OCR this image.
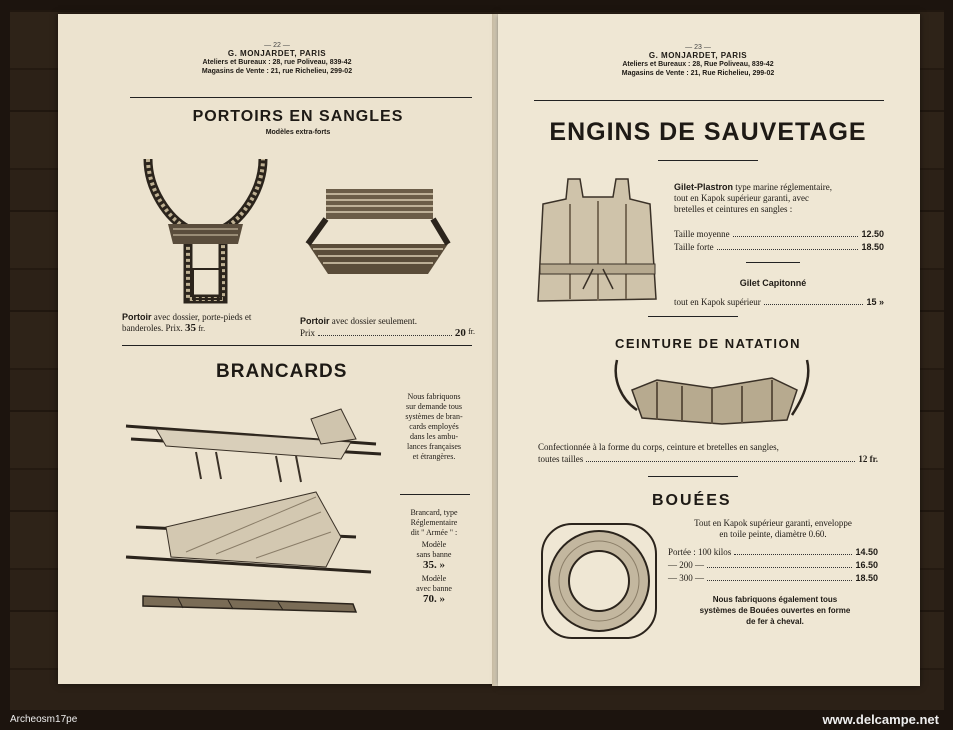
— 22 —
G. MONJARDET, PARIS
Ateliers et Bureaux : 28, rue Poliveau, 839-42
Magasins de Vente : 21, rue Richelieu, 299-02
PORTOIRS EN SANGLES
Modèles extra-forts
Portoir avec dossier, porte-pieds et banderoles. Prix. 35 fr.
Portoir avec dossier seulement.
Prix	20
fr.
BRANCARDS
Nous fabriquons
sur demande tous
systèmes de bran-
cards employés
dans les ambu-
lances françaises
et étrangères.
Brancard, type
Réglementaire
dit " Armée " :
Modèle
sans banne
35. »
Modèle
avec banne
70. »
— 23 —
G. MONJARDET, PARIS
Ateliers et Bureaux : 28, Rue Poliveau, 839-42
Magasins de Vente : 21, Rue Richelieu, 299-02
ENGINS DE SAUVETAGE
Gilet-Plastron type marine réglementaire,
tout en Kapok supérieur garanti, avec
bretelles et ceintures en sangles :
Taille moyenne	12.50
Taille forte	18.50
Gilet Capitonné
tout en Kapok supérieur	15 »
CEINTURE DE NATATION
Confectionnée à la forme du corps, ceinture et bretelles en sangles,
toutes tailles	12 fr.
BOUÉES
Tout en Kapok supérieur garanti, enveloppe
en toile peinte, diamètre 0.60.
Portée : 100 kilos	14.50
— 200 —	16.50
— 300 —	18.50
Nous fabriquons également tous
systèmes de Bouées ouvertes en forme
de fer à cheval.
Archeosm17pe	www.delcampe.net
